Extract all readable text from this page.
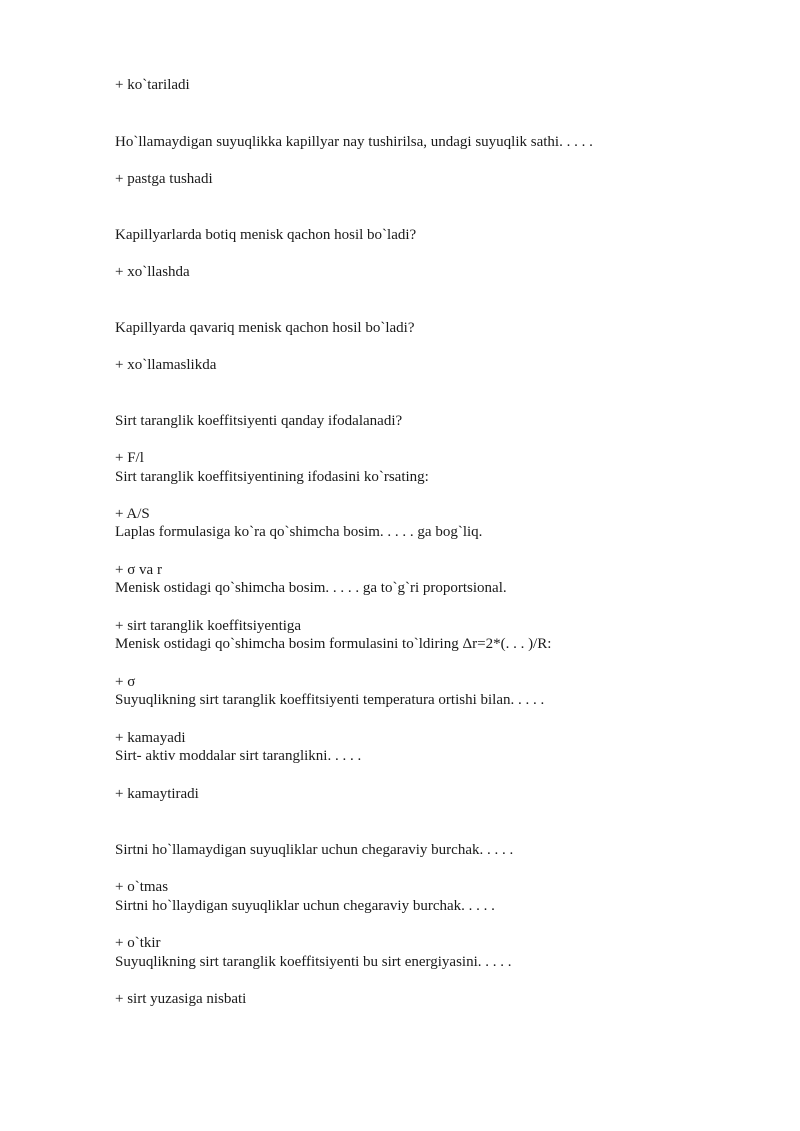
+ ko`tariladi
Ho`llamaydigan suyuqlikka kapillyar nay tushirilsa, undagi suyuqlik sathi. . . . .
+ pastga tushadi
Kapillyarlarda botiq menisk qachon hosil bo`ladi?
+ xo`llashda
Kapillyarda qavariq menisk qachon hosil bo`ladi?
+ xo`llamaslikda
Sirt taranglik koeffitsiyenti qanday ifodalanadi?
+ F/l
Sirt taranglik koeffitsiyentining ifodasini ko`rsating:
+ A/S
Laplas formulasiga ko`ra qo`shimcha bosim. . . . . ga bog`liq.
+ σ va r
Menisk ostidagi qo`shimcha bosim. . . . . ga to`g`ri proportsional.
+ sirt taranglik koeffitsiyentiga
Menisk ostidagi qo`shimcha bosim formulasini to`ldiring Δr=2*(. . . )/R:
+ σ
Suyuqlikning sirt taranglik koeffitsiyenti temperatura ortishi bilan. . . . .
+ kamayadi
Sirt- aktiv moddalar sirt taranglikni. . . . .
+ kamaytiradi
Sirtni ho`llamaydigan suyuqliklar uchun chegaraviy burchak. . . . .
+ o`tmas
Sirtni ho`llaydigan suyuqliklar uchun chegaraviy burchak. . . . .
+ o`tkir
Suyuqlikning sirt taranglik koeffitsiyenti bu sirt energiyasini. . . . .
+ sirt yuzasiga nisbati
